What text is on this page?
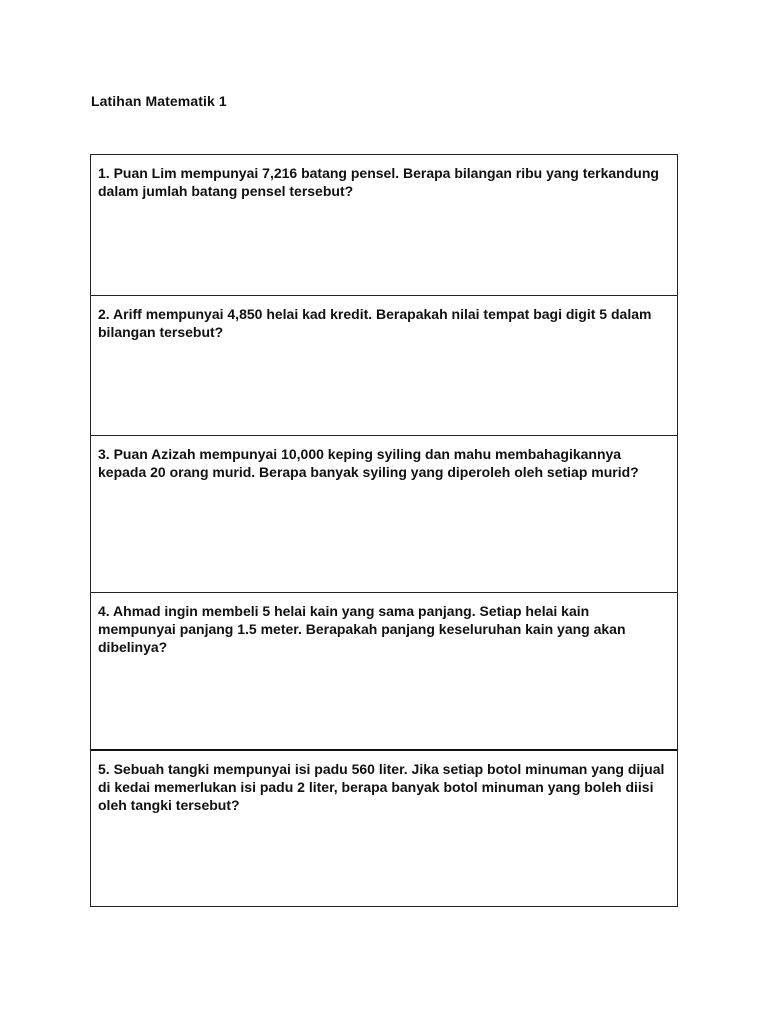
Latihan Matematik 1

1. Puan Lim mempunyai 7,216 batang pensel. Berapa bilangan ribu yang terkandung dalam jumlah batang pensel tersebut?

2. Ariff mempunyai 4,850 helai kad kredit. Berapakah nilai tempat bagi digit 5 dalam bilangan tersebut?

3. Puan Azizah mempunyai 10,000 keping syiling dan mahu membahagikannya kepada 20 orang murid. Berapa banyak syiling yang diperoleh oleh setiap murid?

4. Ahmad ingin membeli 5 helai kain yang sama panjang. Setiap helai kain mempunyai panjang 1.5 meter. Berapakah panjang keseluruhan kain yang akan dibelinya?

5. Sebuah tangki mempunyai isi padu 560 liter. Jika setiap botol minuman yang dijual di kedai memerlukan isi padu 2 liter, berapa banyak botol minuman yang boleh diisi oleh tangki tersebut?
